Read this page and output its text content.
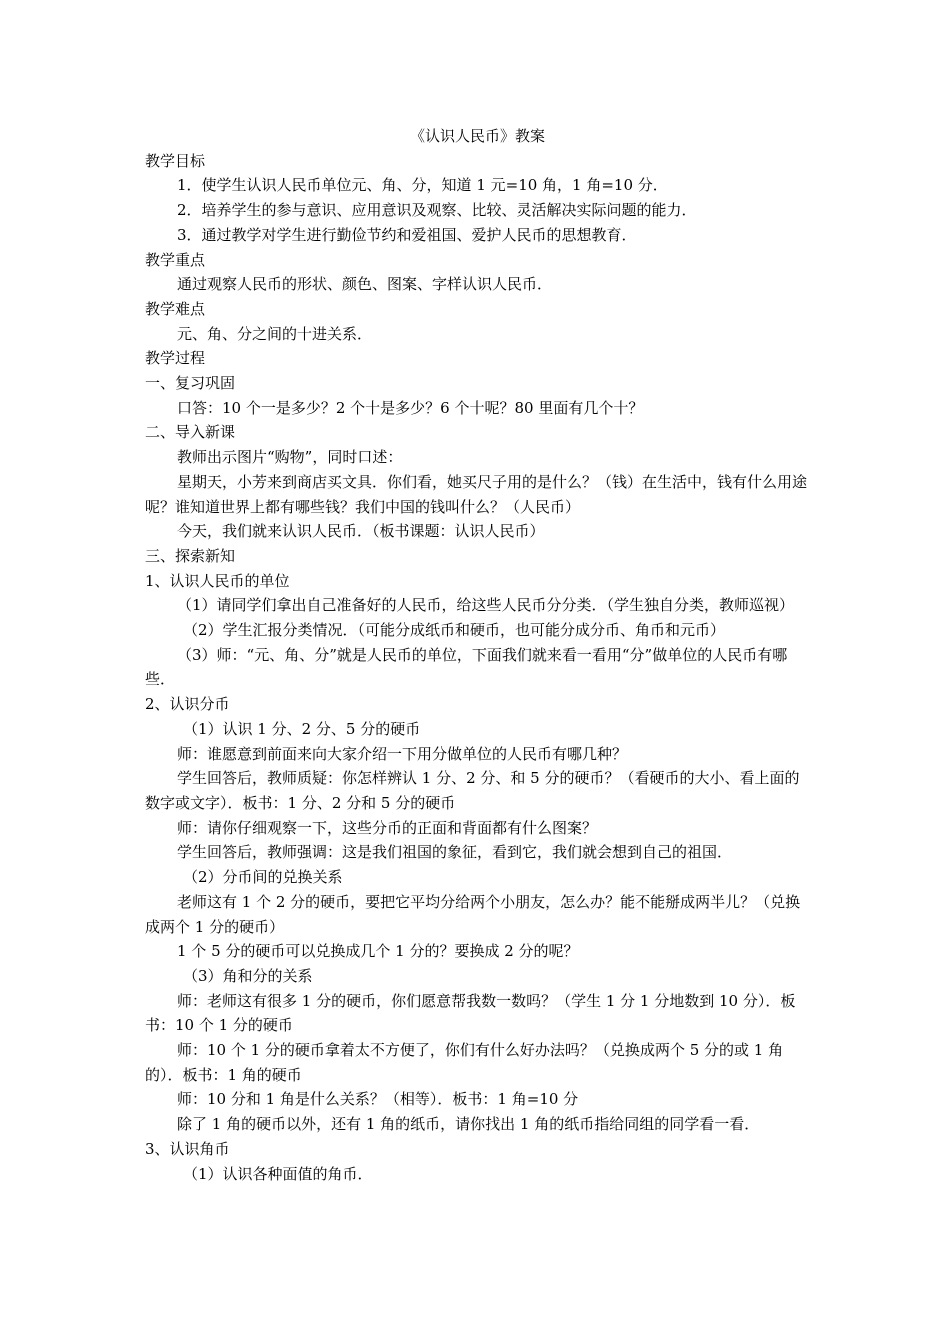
《认识人民币》教案

教学目标

1．使学生认识人民币单位元、角、分，知道 1 元=10 角，1 角=10 分．

2．培养学生的参与意识、应用意识及观察、比较、灵活解决实际问题的能力．

3．通过教学对学生进行勤俭节约和爱祖国、爱护人民币的思想教育．

教学重点

通过观察人民币的形状、颜色、图案、字样认识人民币．

教学难点

元、角、分之间的十进关系．

教学过程

一、复习巩固

口答：10 个一是多少？2 个十是多少？6 个十呢？80 里面有几个十？

二、导入新课

教师出示图片“购物”，同时口述：

星期天，小芳来到商店买文具．你们看，她买尺子用的是什么？（钱）在生活中，钱有什么用途呢？谁知道世界上都有哪些钱？我们中国的钱叫什么？（人民币）

今天，我们就来认识人民币．（板书课题：认识人民币）

三、探索新知

1、认识人民币的单位

（1）请同学们拿出自己准备好的人民币，给这些人民币分分类．（学生独自分类，教师巡视）

（2）学生汇报分类情况．（可能分成纸币和硬币，也可能分成分币、角币和元币）

（3）师：“元、角、分”就是人民币的单位，下面我们就来看一看用“分”做单位的人民币有哪些．

2、认识分币

（1）认识 1 分、2 分、5 分的硬币

师：谁愿意到前面来向大家介绍一下用分做单位的人民币有哪几种？

学生回答后，教师质疑：你怎样辨认 1 分、2 分、和 5 分的硬币？（看硬币的大小、看上面的数字或文字）．板书：1 分、2 分和 5 分的硬币

师：请你仔细观察一下，这些分币的正面和背面都有什么图案？

学生回答后，教师强调：这是我们祖国的象征，看到它，我们就会想到自己的祖国．

（2）分币间的兑换关系

老师这有 1 个 2 分的硬币，要把它平均分给两个小朋友，怎么办？能不能掰成两半儿？（兑换成两个 1 分的硬币）

1 个 5 分的硬币可以兑换成几个 1 分的？要换成 2 分的呢？

（3）角和分的关系

师：老师这有很多 1 分的硬币，你们愿意帮我数一数吗？（学生 1 分 1 分地数到 10 分）．板书：10 个 1 分的硬币

师：10 个 1 分的硬币拿着太不方便了，你们有什么好办法吗？（兑换成两个 5 分的或 1 角的）．板书：1 角的硬币

师：10 分和 1 角是什么关系？（相等）．板书：1 角=10 分

除了 1 角的硬币以外，还有 1 角的纸币，请你找出 1 角的纸币指给同组的同学看一看．

3、认识角币

（1）认识各种面值的角币．
